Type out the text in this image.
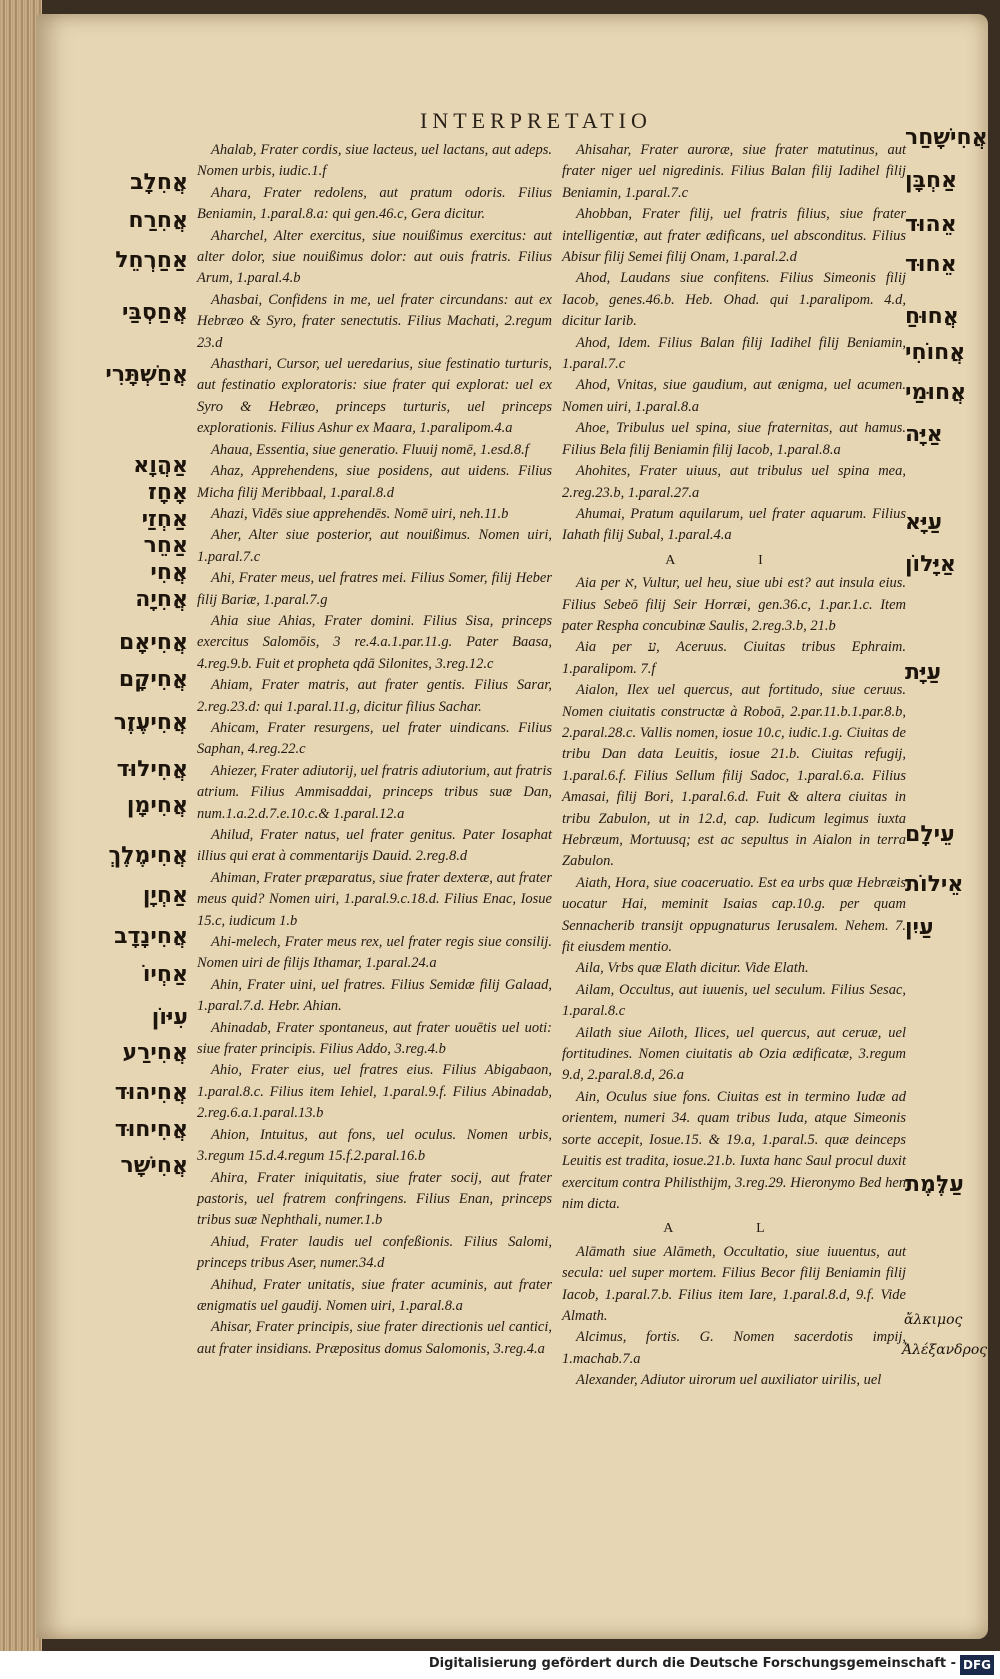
INTERPRETATIO
Ahalab, Frater cordis, siue lacteus, uel lactans, aut adeps. Nomen urbis, iudic.1.f
Ahara, Frater redolens, aut pratum odoris. Filius Beniamin, 1.paral.8.a: qui gen.46.c, Gera dicitur.
Aharchel, Alter exercitus, siue nouißimus exercitus: aut alter dolor, siue nouißimus dolor: aut ouis fratris. Filius Arum, 1.paral.4.b
Ahasbai, Confidens in me, uel frater circundans: aut ex Hebræo & Syro, frater senectutis. Filius Machati, 2.regum 23.d
Ahasthari, Cursor, uel ueredarius, siue festinatio turturis, aut festinatio exploratoris: siue frater qui explorat: uel ex Syro & Hebræo, princeps turturis, uel princeps explorationis. Filius Ashur ex Maara, 1.paralipom.4.a
Ahaua, Essentia, siue generatio. Fluuij nomē, 1.esd.8.f
Ahaz, Apprehendens, siue posidens, aut uidens. Filius Micha filij Meribbaal, 1.paral.8.d
Ahazi, Vidēs siue apprehendēs. Nomē uiri, neh.11.b
Aher, Alter siue posterior, aut nouißimus. Nomen uiri, 1.paral.7.c
Ahi, Frater meus, uel fratres mei. Filius Somer, filij Heber filij Bariæ, 1.paral.7.g
Ahia siue Ahias, Frater domini. Filius Sisa, princeps exercitus Salomōis, 3 re.4.a.1.par.11.g. Pater Baasa, 4.reg.9.b. Fuit et propheta qdā Silonites, 3.reg.12.c
Ahiam, Frater matris, aut frater gentis. Filius Sarar, 2.reg.23.d: qui 1.paral.11.g, dicitur filius Sachar.
Ahicam, Frater resurgens, uel frater uindicans. Filius Saphan, 4.reg.22.c
Ahiezer, Frater adiutorij, uel fratris adiutorium, aut fratris atrium. Filius Ammisaddai, princeps tribus suæ Dan, num.1.a.2.d.7.e.10.c.& 1.paral.12.a
Ahilud, Frater natus, uel frater genitus. Pater Iosaphat illius qui erat à commentarijs Dauid. 2.reg.8.d
Ahiman, Frater præparatus, siue frater dexteræ, aut frater meus quid? Nomen uiri, 1.paral.9.c.18.d. Filius Enac, Iosue 15.c, iudicum 1.b
Ahi-melech, Frater meus rex, uel frater regis siue consilij. Nomen uiri de filijs Ithamar, 1.paral.24.a
Ahin, Frater uini, uel fratres. Filius Semidæ filij Galaad, 1.paral.7.d. Hebr. Ahian.
Ahinadab, Frater spontaneus, aut frater uouētis uel uoti: siue frater principis. Filius Addo, 3.reg.4.b
Ahio, Frater eius, uel fratres eius. Filius Abigabaon, 1.paral.8.c. Filius item Iehiel, 1.paral.9.f. Filius Abinadab, 2.reg.6.a.1.paral.13.b
Ahion, Intuitus, aut fons, uel oculus. Nomen urbis, 3.regum 15.d.4.regum 15.f.2.paral.16.b
Ahira, Frater iniquitatis, siue frater socij, aut frater pastoris, uel fratrem confringens. Filius Enan, princeps tribus suæ Nephthali, numer.1.b
Ahiud, Frater laudis uel confeßionis. Filius Salomi, princeps tribus Aser, numer.34.d
Ahihud, Frater unitatis, siue frater acuminis, aut frater ænigmatis uel gaudij. Nomen uiri, 1.paral.8.a
Ahisar, Frater principis, siue frater directionis uel cantici, aut frater insidians. Præpositus domus Salomonis, 3.reg.4.a
Ahisahar, Frater auroræ, siue frater matutinus, aut frater niger uel nigredinis. Filius Balan filij Iadihel filij Beniamin, 1.paral.7.c
Ahobban, Frater filij, uel fratris filius, siue frater intelligentiæ, aut frater ædificans, uel absconditus. Filius Abisur filij Semei filij Onam, 1.paral.2.d
Ahod, Laudans siue confitens. Filius Simeonis filij Iacob, genes.46.b. Heb. Ohad. qui 1.paralipom. 4.d, dicitur Iarib.
Ahod, Idem. Filius Balan filij Iadihel filij Beniamin, 1.paral.7.c
Ahod, Vnitas, siue gaudium, aut ænigma, uel acumen. Nomen uiri, 1.paral.8.a
Ahoe, Tribulus uel spina, siue fraternitas, aut hamus. Filius Bela filij Beniamin filij Iacob, 1.paral.8.a
Ahohites, Frater uiuus, aut tribulus uel spina mea, 2.reg.23.b, 1.paral.27.a
Ahumai, Pratum aquilarum, uel frater aquarum. Filius Iahath filij Subal, 1.paral.4.a
A I
Aia per א, Vultur, uel heu, siue ubi est? aut insula eius. Filius Sebeō filij Seir Horræi, gen.36.c, 1.par.1.c. Item pater Respha concubinæ Saulis, 2.reg.3.b, 21.b
Aia per ע, Aceruus. Ciuitas tribus Ephraim. 1.paralipom. 7.f
Aialon, Ilex uel quercus, aut fortitudo, siue ceruus. Nomen ciuitatis constructæ à Roboā, 2.par.11.b.1.par.8.b, 2.paral.28.c. Vallis nomen, iosue 10.c, iudic.1.g. Ciuitas de tribu Dan data Leuitis, iosue 21.b. Ciuitas refugij, 1.paral.6.f. Filius Sellum filij Sadoc, 1.paral.6.a. Filius Amasai, filij Bori, 1.paral.6.d. Fuit & altera ciuitas in tribu Zabulon, ut in 12.d, cap. Iudicum legimus iuxta Hebræum, Mortuusq; est ac sepultus in Aialon in terra Zabulon.
Aiath, Hora, siue coaceruatio. Est ea urbs quæ Hebræis uocatur Hai, meminit Isaias cap.10.g. per quam Sennacherib transijt oppugnaturus Ierusalem. Nehem. 7. fit eiusdem mentio.
Aila, Vrbs quæ Elath dicitur. Vide Elath.
Ailam, Occultus, aut iuuenis, uel seculum. Filius Sesac, 1.paral.8.c
Ailath siue Ailoth, Ilices, uel quercus, aut ceruæ, uel fortitudines. Nomen ciuitatis ab Ozia ædificatæ, 3.regum 9.d, 2.paral.8.d, 26.a
Ain, Oculus siue fons. Ciuitas est in termino Iudæ ad orientem, numeri 34. quam tribus Iuda, atque Simeonis sorte accepit, Iosue.15. & 19.a, 1.paral.5. quæ deinceps Leuitis est tradita, iosue.21.b. Iuxta hanc Saul procul duxit exercitum contra Philisthijm, 3.reg.29. Hieronymo Bed hen nim dicta.
A L
Alāmath siue Alāmeth, Occultatio, siue iuuentus, aut secula: uel super mortem. Filius Becor filij Beniamin filij Iacob, 1.paral.7.b. Filius item Iare, 1.paral.8.d, 9.f. Vide Almath.
Alcimus, fortis. G. Nomen sacerdotis impij, 1.machab.7.a
Alexander, Adiutor uirorum uel auxiliator uirilis, uel
אֲחִלָב
אֲחִרַח
אַחַרְחֵל
אֲחַסְבַּי
אֲחַשְׁתָּרִי
אַהֲוָא
אָחָז
אַחְזַי
אַחֵר
אֲחִי
אֲחִיָה
אֲחִיאָם
אֲחִיקָם
אֲחִיעֶזֶר
אֲחִילוּד
אֲחִימָן
אֲחִימֶלֶךְ
אַחְיָן
אֲחִינָדָב
אַחְיוֹ
עִיּוֹן
אֲחִירַע
אֲחִיהוּד
אֲחִיחוּד
אֲחִישָׁר
אֲחִישָׁחַר
אַחְבָּן
אֵהוּד
אֵחוּד
אֲחוּחַ
אֲחוֹחִי
אֲחוּמַי
אַיָּה
עַיָּא
אַיָּלוֹן
עַיָּת
עֵילָם
אֵילוֹת
עַיִן
עַלֶּמֶת
ἄλκιμος
Ἀλέξανδρος
Digitalisierung gefördert durch die Deutsche Forschungsgemeinschaft - DFG
